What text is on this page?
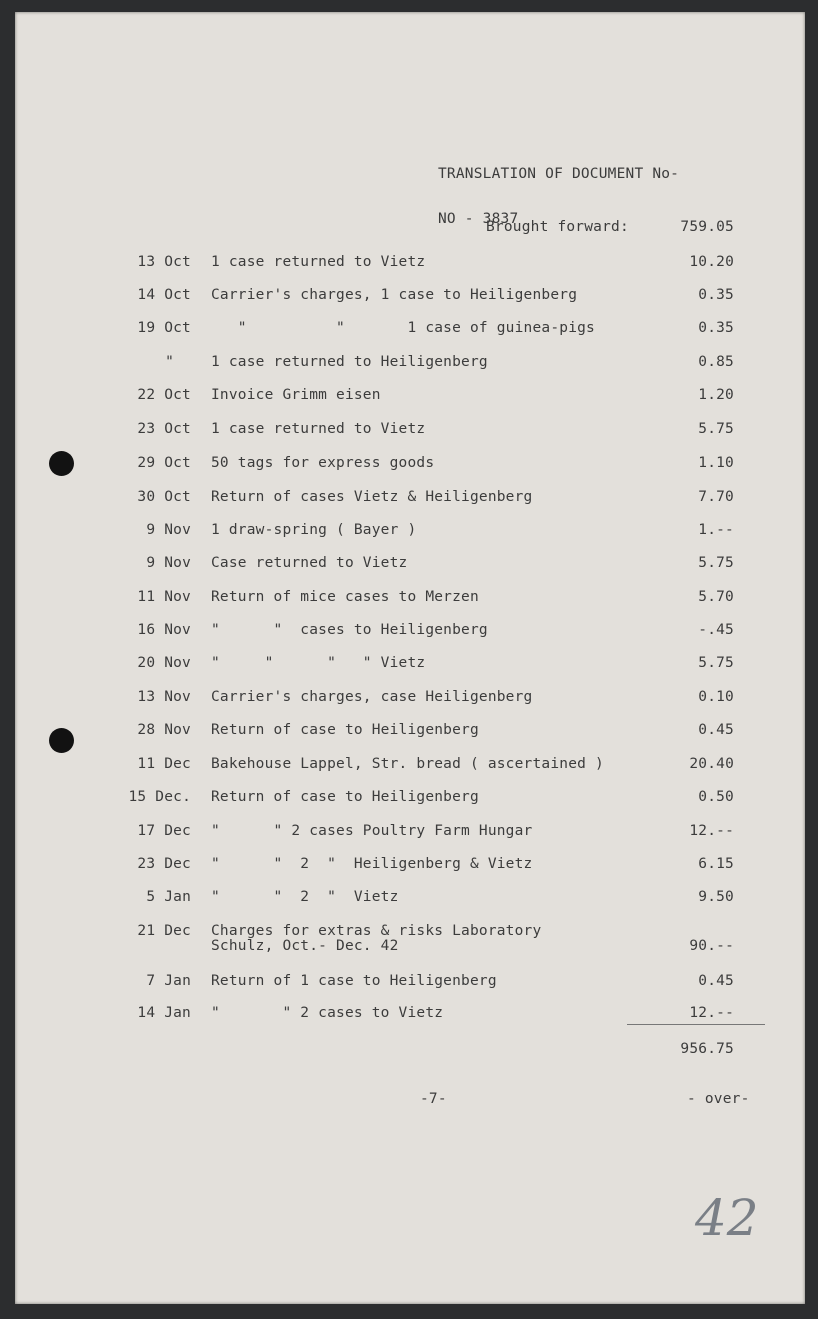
TRANSLATION OF DOCUMENT No-

NO - 3837

Brought forward:	759.05
13 Oct 1 case returned to Vietz	10.20
14 Oct Carrier's charges, 1 case to Heiligenberg	0.35
19 Oct "          "       1 case of guinea-pigs	0.35
"	1 case returned to Heiligenberg	0.85
22 Oct Invoice Grimm eisen	1.20
23 Oct 1 case returned to Vietz	5.75
29 Oct 50 tags for express goods	1.10
30 Oct Return of cases Vietz & Heiligenberg	7.70
9 Nov 1 draw-spring ( Bayer )	1.--
9 Nov Case returned to Vietz	5.75
11 Nov Return of mice cases to Merzen	5.70
16 Nov "      "  cases to Heiligenberg	-.45
20 Nov "     "      "   " Vietz	5.75
13 Nov Carrier's charges, case Heiligenberg	0.10
28 Nov Return of case to Heiligenberg	0.45
11 Dec Bakehouse Lappel, Str. bread ( ascertained )	20.40
15 Dec. Return of case to Heiligenberg	0.50
17 Dec "      " 2 cases Poultry Farm Hungar	12.--
23 Dec "      "  2  "  Heiligenberg & Vietz	6.15
5 Jan "      "  2  "  Vietz	9.50
21 Dec Charges for extras & risks Laboratory
Schulz, Oct.- Dec. 42	90.--
7 Jan Return of 1 case to Heiligenberg	0.45
14 Jan "       " 2 cases to Vietz	12.--
956.75
-7-	- over-
42
